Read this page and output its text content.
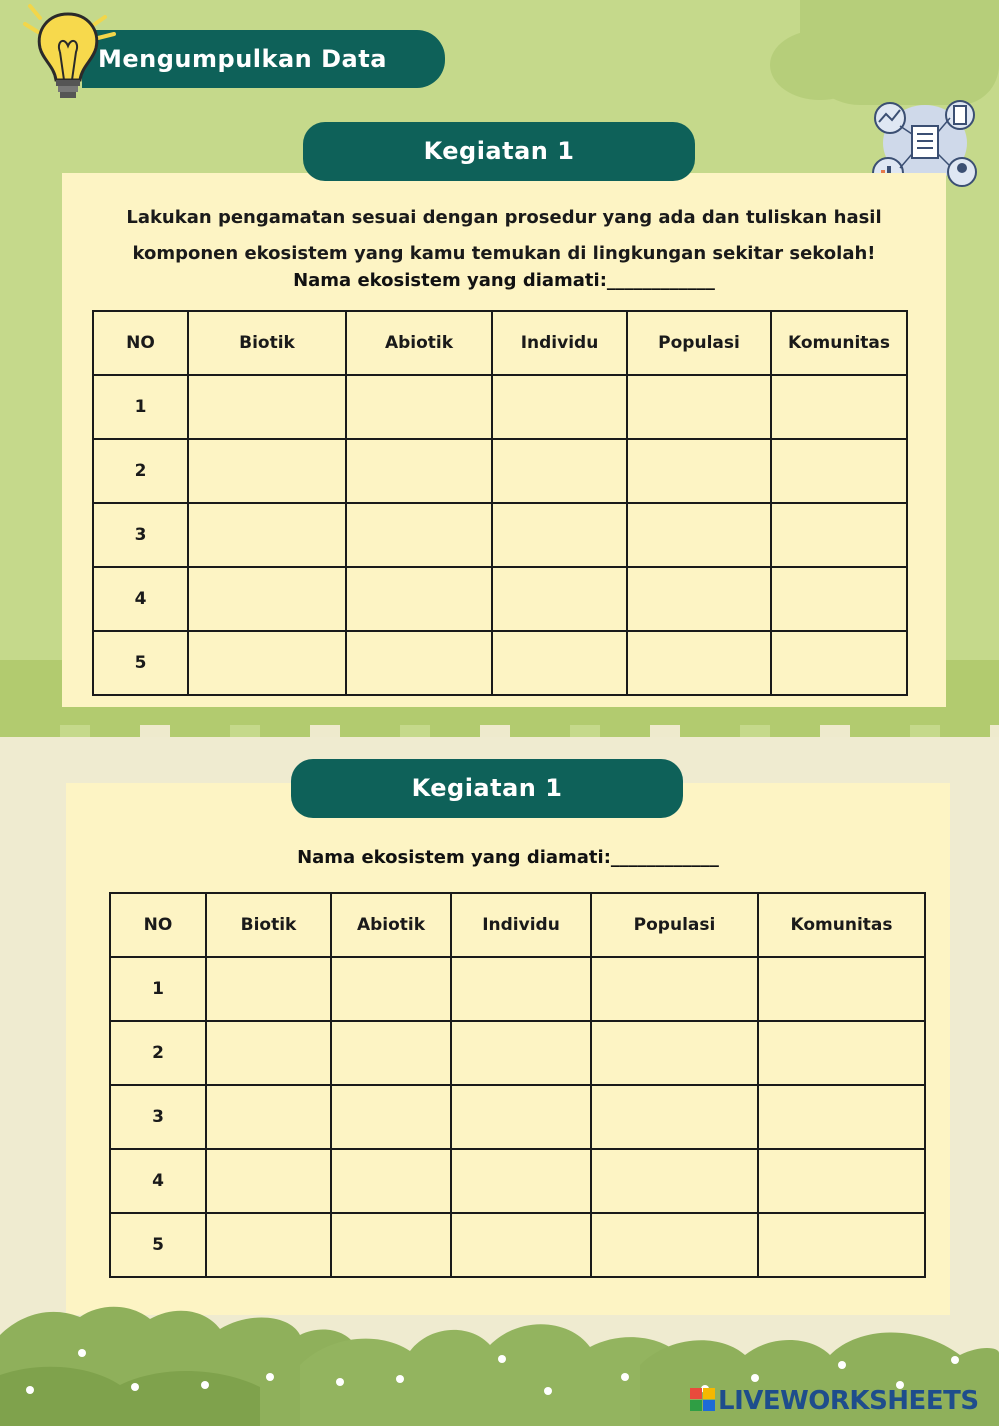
Mengumpulkan Data
Kegiatan 1
Lakukan pengamatan sesuai dengan prosedur yang ada dan tuliskan hasil
komponen ekosistem yang kamu temukan di lingkungan sekitar sekolah!
Nama ekosistem yang diamati:____________
NO	Biotik	Abiotik	Individu	Populasi	Komunitas
1					
2					
3					
4					
5					
Kegiatan 1
Nama ekosistem yang diamati:____________
NO	Biotik	Abiotik	Individu	Populasi	Komunitas
1					
2					
3					
4					
5					
LIVEWORKSHEETS
